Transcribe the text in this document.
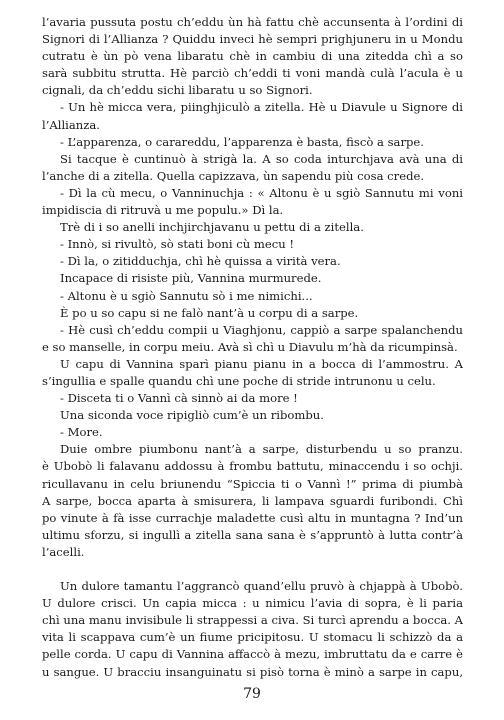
l’avaria pussuta postu ch’eddu ùn hà fattu chè accunsenta à l’ordini di
Signori di l’Allianza ? Quiddu inveci hè sempri prighjuneru in u Mondu
cutratu è ùn pò vena libaratu chè in cambiu di una zitedda chì a so
sarà subbitu strutta. Hè parciò ch’eddi ti voni mandà culà l’acula è u
cignali, da ch’eddu sichi libaratu u so Signori.
- Un hè micca vera, piinghjiculò a zitella. Hè u Diavule u Signore di
l’Allianza.
- L’apparenza, o carareddu, l’apparenza è basta, fiscò a sarpe.
Si tacque è cuntinuò à strigà la. A so coda inturchjava avà una di
l’anche di a zitella. Quella capizzava, ùn sapendu più cosa crede.
- Dì la cù mecu, o Vanninuchja : « Altonu è u sgiò Sannutu mi voni
impidiscia di ritruvà u me populu.» Dì la.
Trè di i so anelli inchjirchjavanu u pettu di a zitella.
- Innò, si rivultò, sò stati boni cù mecu !
- Dì la, o zitidduchja, chì hè quissa a virità vera.
Incapace di risiste più, Vannina murmurede.
- Altonu è u sgiò Sannutu sò i me nimichi...
È po u so capu si ne falò nant’à u corpu di a sarpe.
- Hè cusì ch’eddu compii u Viaghjonu, cappiò a sarpe spalanchendu
e so manselle, in corpu meiu. Avà sì chì u Diavulu m’hà da ricumpinsà.
U capu di Vannina sparì pianu pianu in a bocca di l’ammostru. A
s’ingullia e spalle quandu chì une poche di stride intrunonu u celu.
- Disceta ti o Vannì cà sinnò ai da more !
Una siconda voce ripigliò cum’è un ribombu.
- More.
Duie ombre piumbonu nant’à a sarpe, disturbendu u so pranzu.
è Ubobò li falavanu addossu à frombu battutu, minaccendu i so ochji.
ricullavanu in celu briunendu “Spiccia ti o Vannì !” prima di piumbà
A sarpe, bocca aparta à smisurera, li lampava sguardi furibondi. Chì
po vinute à fà isse currachje maladette cusì altu in muntagna ? Ind’un
ultimu sforzu, si ingullì a zitella sana sana è s’appruntò à lutta contr’à
l’acelli.
Un dulore tamantu l’aggrancò quand’ellu pruvò à chjappà à Ubobò.
U dulore crisci. Un capia micca : u nimicu l’avia di sopra, è li paria
chì una manu invisibule li strappessi a civa. Si turcì aprendu a bocca. A
vita li scappava cum’è un fiume pricipitosu. U stomacu li schizzò da a
pelle corda. U capu di Vannina affaccò à mezu, imbruttatu da e carre è
u sangue. U bracciu insanguinatu si pisò torna è minò a sarpe in capu,
79
